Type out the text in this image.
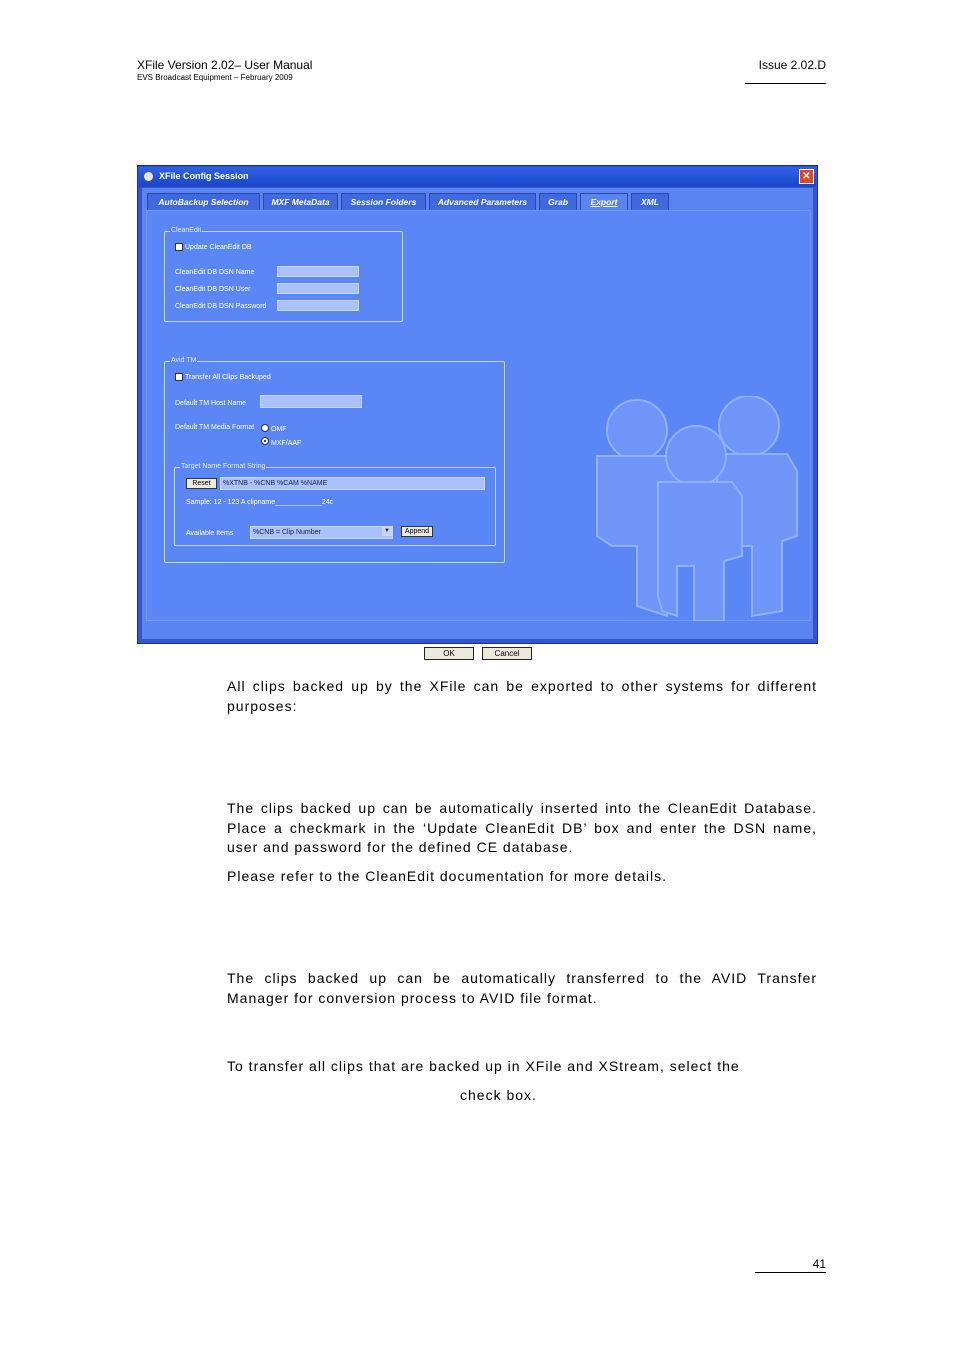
XFile Version 2.02– User Manual
EVS Broadcast Equipment – February 2009
Issue 2.02.D
XFile Config Session	✕
AutoBackup Selection	MXF MetaData	Session Folders	Advanced Parameters	Grab	Export	XML
CleanEdit
Update CleanEdit DB
CleanEdit DB DSN Name
CleanEdit DB DSN User
CleanEdit DB DSN Password
Avid TM
Transfer All Clips Backuped
Default TM Host Name
Default TM Media Format OMF
MXF/AAF
Target Name Format String
Reset	%XTNB - %CNB %CAM %NAME
Sample: 12 - 123 A clipname____________24c
Available Items	%CNB = Clip Number	▼	Append
OK	Cancel
All clips backed up by the XFile can be exported to other systems for different purposes:
The clips backed up can be automatically inserted into the CleanEdit Database. Place a checkmark in the ‘Update CleanEdit DB’ box and enter the DSN name, user and password for the defined CE database.
Please refer to the CleanEdit documentation for more details.
The clips backed up can be automatically transferred to the AVID Transfer Manager for conversion process to AVID file format.
To transfer all clips that are backed up in XFile and XStream, select the
check box.
41
